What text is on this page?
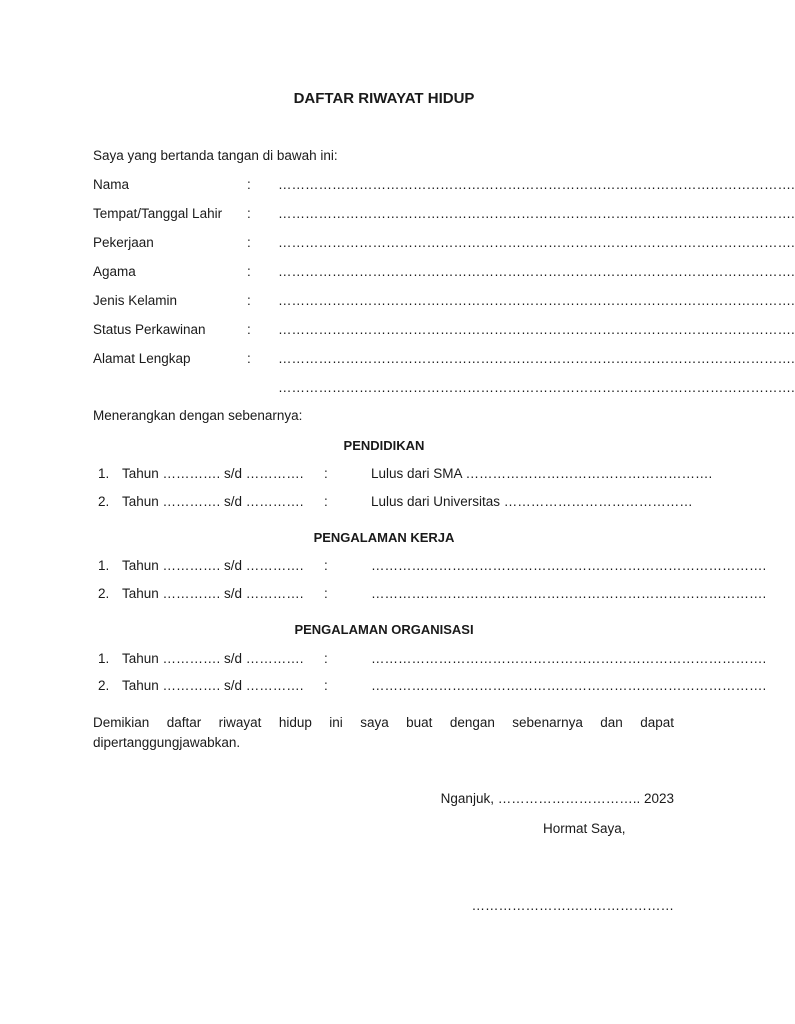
DAFTAR RIWAYAT HIDUP
Saya yang bertanda tangan di bawah ini:
Nama	: …………………………………………………………………………………………………….
Tempat/Tanggal Lahir : …………………………………………………………………………………………………….
Pekerjaan	: …………………………………………………………………………………………………….
Agama	: …………………………………………………………………………………………………….
Jenis Kelamin	: …………………………………………………………………………………………………….
Status Perkawinan	: …………………………………………………………………………………………………….
Alamat Lengkap	: …………………………………………………………………………………………………….
…………………………………………………………………………………………………….
Menerangkan dengan sebenarnya:
PENDIDIKAN
1. Tahun …………. s/d …………. :	Lulus dari SMA ……………………………………………….
2. Tahun …………. s/d …………. :	Lulus dari Universitas ……………………………………
PENGALAMAN KERJA
1. Tahun …………. s/d …………. :	…………………………………………………………………………….
2. Tahun …………. s/d …………. :	…………………………………………………………………………….
PENGALAMAN ORGANISASI
1. Tahun …………. s/d …………. :	…………………………………………………………………………….
2. Tahun …………. s/d …………. :	…………………………………………………………………………….
Demikian daftar riwayat hidup ini saya buat dengan sebenarnya dan dapat dipertanggungjawabkan.
Nganjuk, ………………………….. 2023
Hormat Saya,
………………………………………
